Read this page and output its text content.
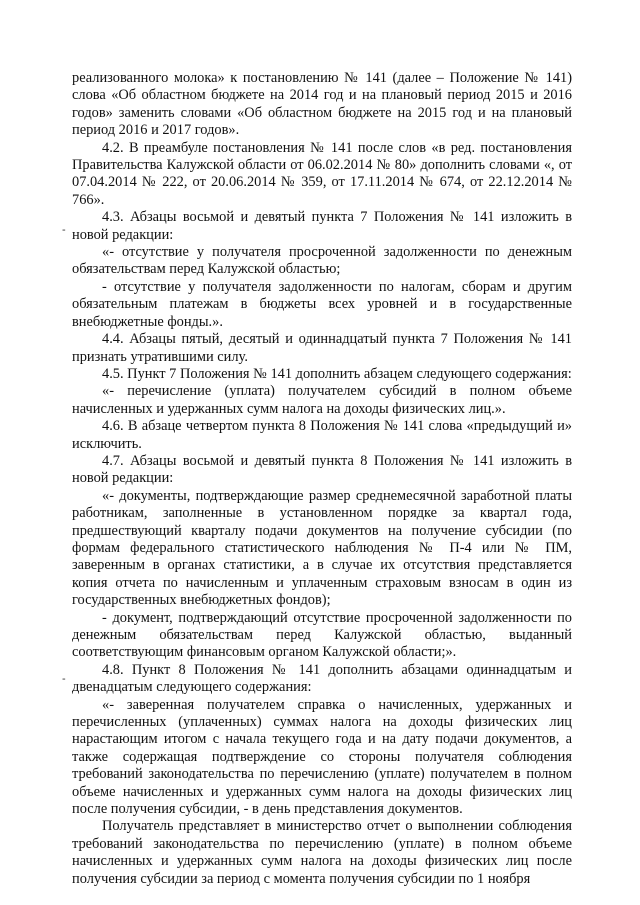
реализованного молока» к постановлению № 141 (далее – Положение № 141) слова «Об областном бюджете на 2014 год и на плановый период 2015 и 2016 годов» заменить словами «Об областном бюджете на 2015 год и на плановый период 2016 и 2017 годов».

4.2. В преамбуле постановления № 141 после слов «в ред. постановления Правительства Калужской области от 06.02.2014 № 80» дополнить словами «, от 07.04.2014 № 222, от 20.06.2014 № 359, от 17.11.2014 № 674, от 22.12.2014 № 766».

4.3. Абзацы восьмой и девятый пункта 7 Положения № 141 изложить в новой редакции:

«- отсутствие у получателя просроченной задолженности по денежным обязательствам перед Калужской областью;

- отсутствие у получателя задолженности по налогам, сборам и другим обязательным платежам в бюджеты всех уровней и в государственные внебюджетные фонды.».

4.4. Абзацы пятый, десятый и одиннадцатый пункта 7 Положения № 141 признать утратившими силу.

4.5. Пункт 7 Положения № 141 дополнить абзацем следующего содержания:

«- перечисление (уплата) получателем субсидий в полном объеме начисленных и удержанных сумм налога на доходы физических лиц.».

4.6. В абзаце четвертом пункта 8 Положения № 141 слова «предыдущий и» исключить.

4.7. Абзацы восьмой и девятый пункта 8 Положения № 141 изложить в новой редакции:

«- документы, подтверждающие размер среднемесячной заработной платы работникам, заполненные в установленном порядке за квартал года, предшествующий кварталу подачи документов на получение субсидии (по формам федерального статистического наблюдения № П-4 или № ПМ, заверенным в органах статистики, а в случае их отсутствия представляется копия отчета по начисленным и уплаченным страховым взносам в один из государственных внебюджетных фондов);

- документ, подтверждающий отсутствие просроченной задолженности по денежным обязательствам перед Калужской областью, выданный соответствующим финансовым органом Калужской области;».

4.8. Пункт 8 Положения № 141 дополнить абзацами одиннадцатым и двенадцатым следующего содержания:

«- заверенная получателем справка о начисленных, удержанных и перечисленных (уплаченных) суммах налога на доходы физических лиц нарастающим итогом с начала текущего года и на дату подачи документов, а также содержащая подтверждение со стороны получателя соблюдения требований законодательства по перечислению (уплате) получателем в полном объеме начисленных и удержанных сумм налога на доходы физических лиц после получения субсидии, - в день представления документов.

Получатель представляет в министерство отчет о выполнении соблюдения требований законодательства по перечислению (уплате) в полном объеме начисленных и удержанных сумм налога на доходы физических лиц после получения субсидии за период с момента получения субсидии по 1 ноября

-
-
